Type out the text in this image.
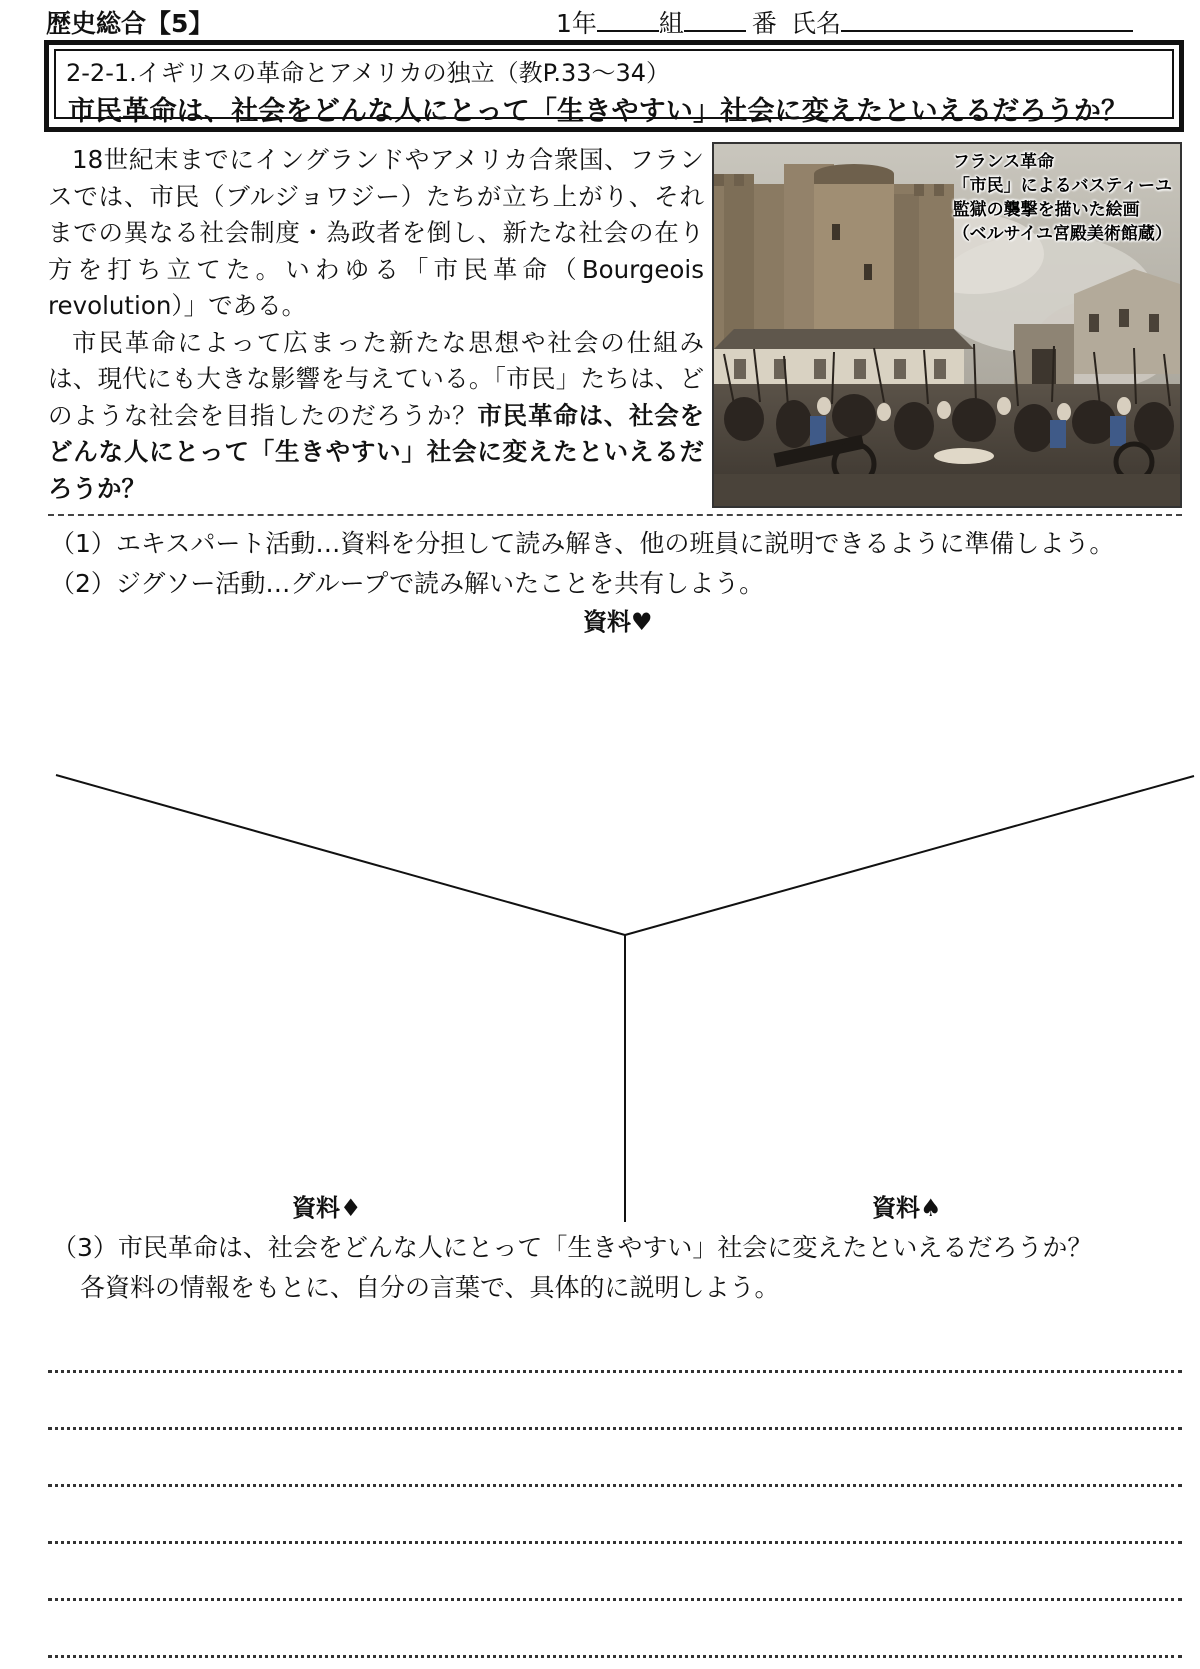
歴史総合【5】	1年 組	番 氏名
2-2-1.イギリスの革命とアメリカの独立（教P.33～34）
市民革命は、社会をどんな人にとって「生きやすい」社会に変えたといえるだろうか？

18世紀末までにイングランドやアメリカ合衆国、フランスでは、市民（ブルジョワジー）たちが立ち上がり、それまでの異なる社会制度・為政者を倒し、新たな社会の在り方を打ち立てた。いわゆる「市民革命（Bourgeois revolution）」である。

市民革命によって広まった新たな思想や社会の仕組みは、現代にも大きな影響を与えている。「市民」たちは、どのような社会を目指したのだろうか？市民革命は、社会をどんな人にとって「生きやすい」社会に変えたといえるだろうか？

フランス革命
「市民」によるバスティーユ
監獄の襲撃を描いた絵画
（ベルサイユ宮殿美術館蔵）
（1）エキスパート活動…資料を分担して読み解き、他の班員に説明できるように準備しよう。
（2）ジグソー活動…グループで読み解いたことを共有しよう。
資料♥
資料♦	資料♠
（3）市民革命は、社会をどんな人にとって「生きやすい」社会に変えたといえるだろうか？
各資料の情報をもとに、自分の言葉で、具体的に説明しよう。
